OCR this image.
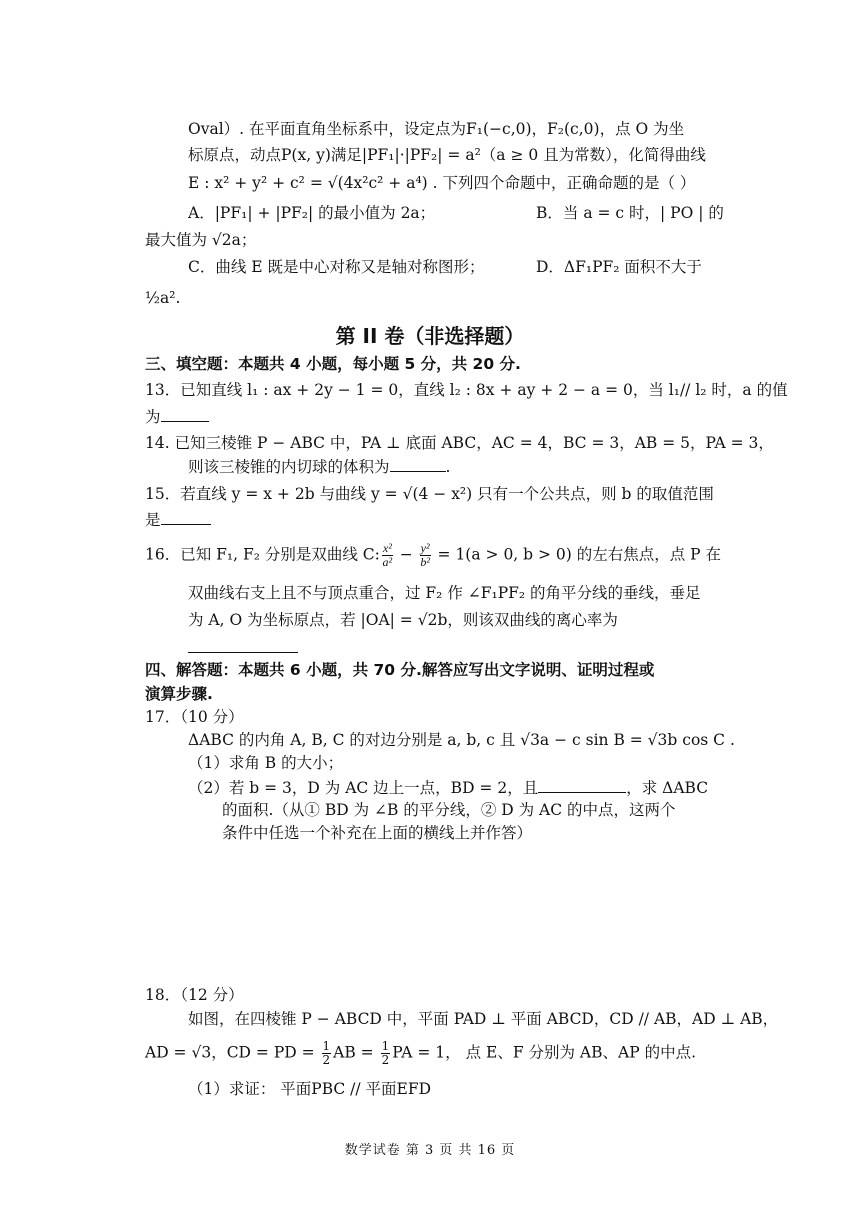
Oval）. 在平面直角坐标系中，设定点为F₁(−c,0)，F₂(c,0)，点 O 为坐
标原点，动点P(x, y)满足|PF₁|·|PF₂| = a²（a ≥ 0 且为常数），化简得曲线
E : x² + y² + c² = √(4x²c² + a⁴) . 下列四个命题中，正确命题的是（ ）
A．|PF₁| + |PF₂| 的最小值为 2a；	B．当 a = c 时，| PO | 的
最大值为 √2a；
C．曲线 E 既是中心对称又是轴对称图形；	D．ΔF₁PF₂ 面积不大于
½a².
第 II 卷（非选择题）
三、填空题：本题共 4 小题，每小题 5 分，共 20 分.
13．已知直线 l₁ : ax + 2y − 1 = 0，直线 l₂ : 8x + ay + 2 − a = 0，当 l₁// l₂ 时，a 的值
为
14. 已知三棱锥 P − ABC 中，PA ⊥ 底面 ABC，AC = 4，BC = 3，AB = 5，PA = 3，
则该三棱锥的内切球的体积为	.
15．若直线 y = x + 2b 与曲线 y = √(4 − x²) 只有一个公共点，则 b 的取值范围
是
16．已知 F₁, F₂ 分别是双曲线 C: $\frac{\text{x²}}{\text{a²}} - \frac{\text{y²}}{\text{b²}} = 1(a > 0$, b > 0) 的左右焦点，点 P 在
双曲线右支上且不与顶点重合，过 F₂ 作 ∠F₁PF₂ 的角平分线的垂线，垂足
为 A, O 为坐标原点，若 |OA| = √2b，则该双曲线的离心率为
四、解答题：本题共 6 小题，共 70 分.解答应写出文字说明、证明过程或
演算步骤.
17．（10 分）
ΔABC 的内角 A, B, C 的对边分别是 a, b, c 且 √3a − c sin B = √3b cos C .
（1）求角 B 的大小；
（2）若 b = 3，D 为 AC 边上一点，BD = 2，且	，求 ΔABC
的面积.（从① BD 为 ∠B 的平分线，② D 为 AC 的中点，这两个
条件中任选一个补充在上面的横线上并作答）
18．（12 分）
如图，在四棱锥 P − ABCD 中，平面 PAD ⊥ 平面 ABCD，CD // AB，AD ⊥ AB，
AD = √3，CD = PD = $\frac{1}{2}$ AB = $\frac{1}{2}$ PA = 1， 点 E、F 分别为 AB、AP 的中点.
（1）求证： 平面PBC // 平面EFD
数学试卷 第 3 页 共 16 页
